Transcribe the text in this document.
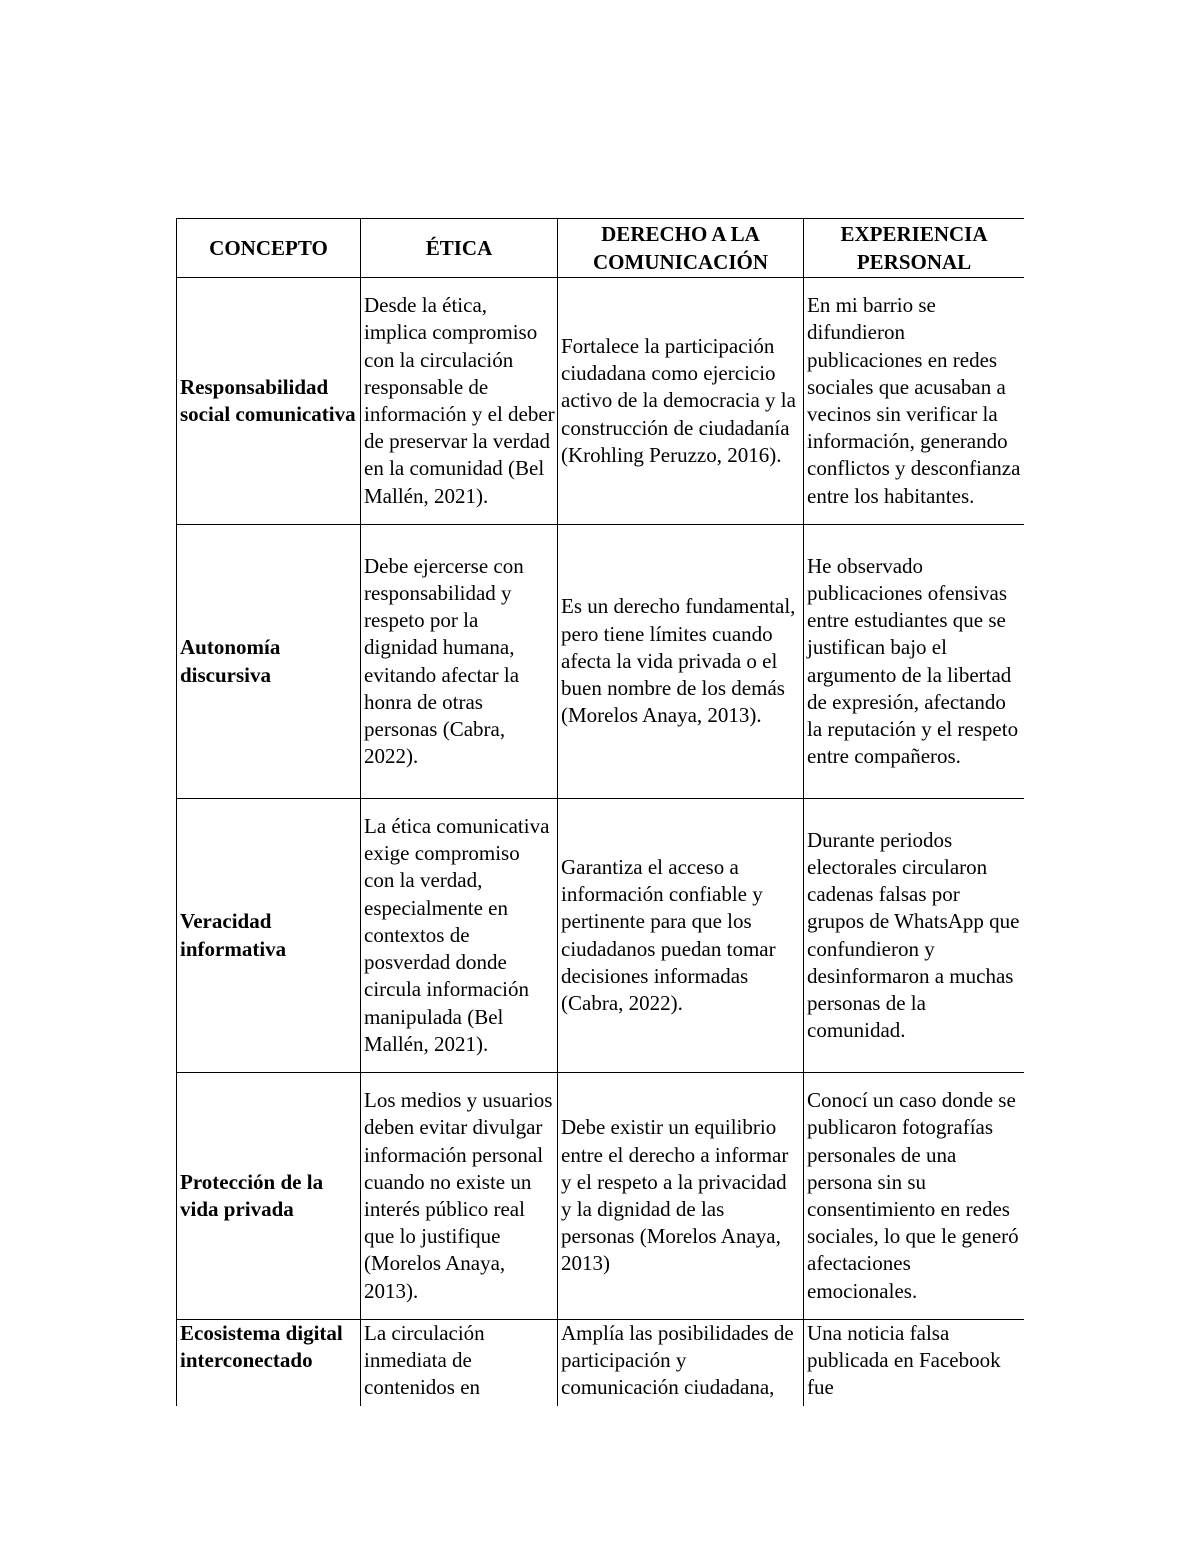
CONCEPTO	ÉTICA	DERECHO A LA COMUNICACIÓN	EXPERIENCIA PERSONAL
Responsabilidad social comunicativa	Desde la ética, implica compromiso con la circulación responsable de información y el deber de preservar la verdad en la comunidad (Bel Mallén, 2021).	Fortalece la participación ciudadana como ejercicio activo de la democracia y la construcción de ciudadanía (Krohling Peruzzo, 2016).	En mi barrio se difundieron publicaciones en redes sociales que acusaban a vecinos sin verificar la información, generando conflictos y desconfianza entre los habitantes.
Autonomía discursiva	Debe ejercerse con responsabilidad y respeto por la dignidad humana, evitando afectar la honra de otras personas (Cabra, 2022).	Es un derecho fundamental, pero tiene límites cuando afecta la vida privada o el buen nombre de los demás (Morelos Anaya, 2013).	He observado publicaciones ofensivas entre estudiantes que se justifican bajo el argumento de la libertad de expresión, afectando la reputación y el respeto entre compañeros.
Veracidad informativa	La ética comunicativa exige compromiso con la verdad, especialmente en contextos de posverdad donde circula información manipulada (Bel Mallén, 2021).	Garantiza el acceso a información confiable y pertinente para que los ciudadanos puedan tomar decisiones informadas (Cabra, 2022).	Durante periodos electorales circularon cadenas falsas por grupos de WhatsApp que confundieron y desinformaron a muchas personas de la comunidad.
Protección de la vida privada	Los medios y usuarios deben evitar divulgar información personal cuando no existe un interés público real que lo justifique (Morelos Anaya, 2013).	Debe existir un equilibrio entre el derecho a informar y el respeto a la privacidad y la dignidad de las personas (Morelos Anaya, 2013)	Conocí un caso donde se publicaron fotografías personales de una persona sin su consentimiento en redes sociales, lo que le generó afectaciones emocionales.
Ecosistema digital interconectado	La circulación inmediata de contenidos en	Amplía las posibilidades de participación y comunicación ciudadana,	Una noticia falsa publicada en Facebook fue
